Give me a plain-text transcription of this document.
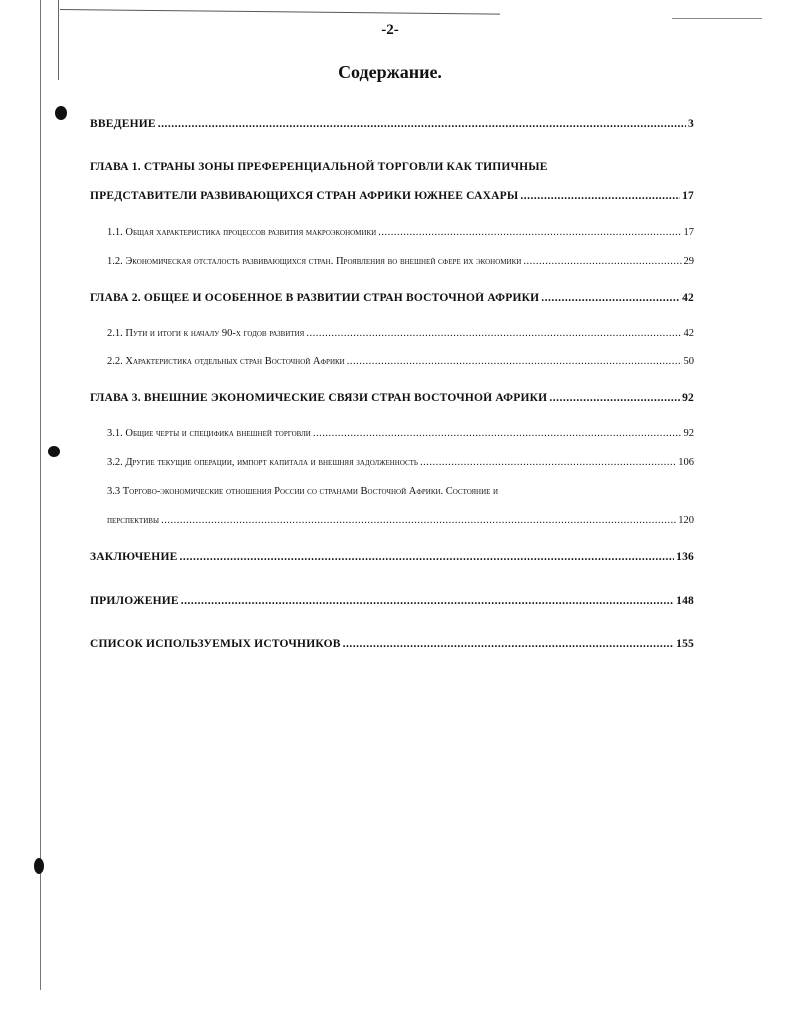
-2-
Содержание.
ВВЕДЕНИЕ .....	3
ГЛАВА 1. СТРАНЫ ЗОНЫ ПРЕФЕРЕНЦИАЛЬНОЙ ТОРГОВЛИ КАК ТИПИЧНЫЕ
ПРЕДСТАВИТЕЛИ РАЗВИВАЮЩИХСЯ СТРАН АФРИКИ ЮЖНЕЕ САХАРЫ .....	17
1.1. Общая характеристика процессов развития макроэкономики .....	17
1.2. Экономическая отсталость развивающихся стран. Проявления во внешней сфере их экономики .....	29
ГЛАВА 2. ОБЩЕЕ И ОСОБЕННОЕ В РАЗВИТИИ СТРАН ВОСТОЧНОЙ АФРИКИ .....	42
2.1. Пути и итоги к началу 90-х годов развития .....	42
2.2. Характеристика отдельных стран Восточной Африки .....	50
ГЛАВА 3. ВНЕШНИЕ ЭКОНОМИЧЕСКИЕ СВЯЗИ СТРАН ВОСТОЧНОЙ АФРИКИ .....	92
3.1. Общие черты и специфика внешней торговли .....	92
3.2. Другие текущие операции, импорт капитала и внешняя задолженность .....	106
3.3 Торгово-экономические отношения России со странами Восточной Африки. Состояние и
перспективы .....	120
ЗАКЛЮЧЕНИЕ .....	136
ПРИЛОЖЕНИЕ .....	148
СПИСОК ИСПОЛЬЗУЕМЫХ ИСТОЧНИКОВ .....	155
